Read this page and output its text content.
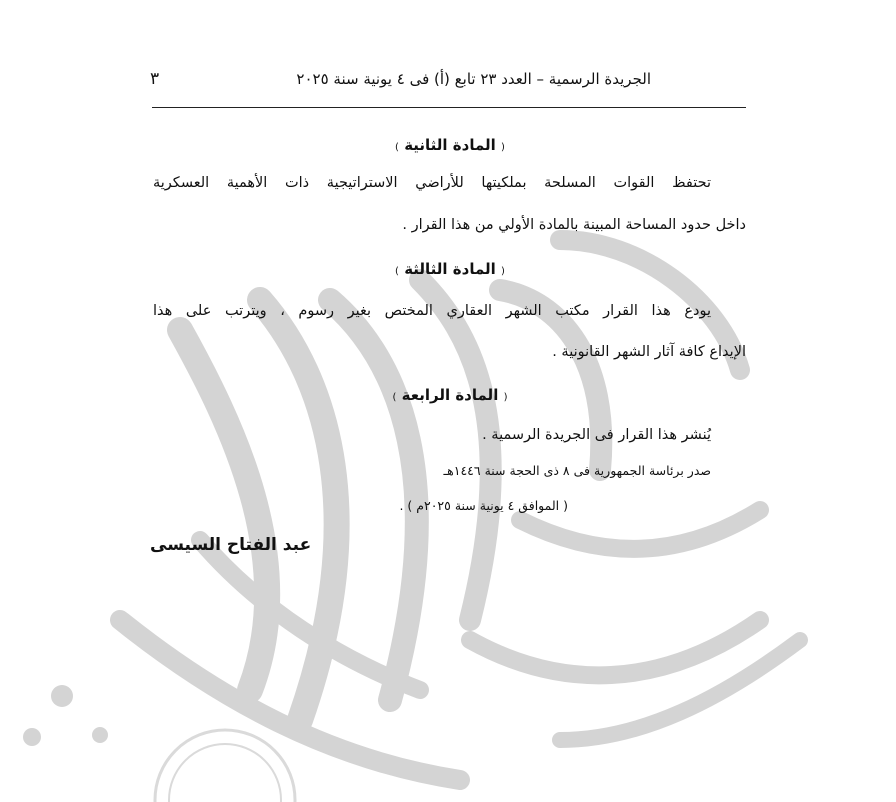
الجريدة الرسمية – العدد ٢٣ تابع (أ) فى ٤ يونية سنة ٢٠٢٥
٣
( المادة الثانية )
تحتفظ القوات المسلحة بملكيتها للأراضي الاستراتيجية ذات الأهمية العسكرية
داخل حدود المساحة المبينة بالمادة الأولي من هذا القرار .
( المادة الثالثة )
يودع هذا القرار مكتب الشهر العقاري المختص بغير رسوم ، ويترتب على هذا
الإيداع كافة آثار الشهر القانونية .
( المادة الرابعة )
يُنشر هذا القرار فى الجريدة الرسمية .
صدر برئاسة الجمهورية فى ٨ ذى الحجة سنة ١٤٤٦هـ
( الموافق ٤ يونية سنة ٢٠٢٥م ) .
عبد الفتاح السيسى
